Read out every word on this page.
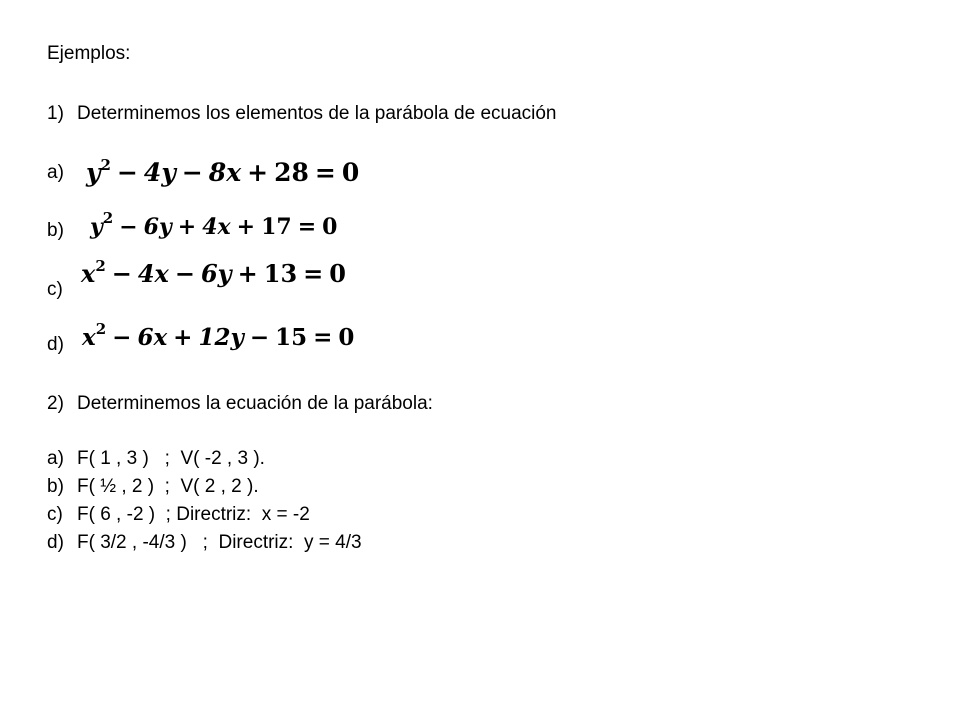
Ejemplos:

1) Determinemos los elementos de la parábola de ecuación

a) $y^2 - 4y - 8x + 28 = 0$

b) $y^2 - 6y + 4x + 17 = 0$

c)

$x^2 - 4x - 6y + 13 = 0$

d) $x^2 - 6x + 12y - 15 = 0$

2) Determinemos la ecuación de la parábola:

a) F( 1 , 3 )   ;  V( -2 , 3 ).

b) F( ½ , 2 )  ;  V( 2 , 2 ).

c) F( 6 , -2 )  ; Directriz:  x = -2

d) F( 3/2 , -4/3 )   ;  Directriz:  y = 4/3
